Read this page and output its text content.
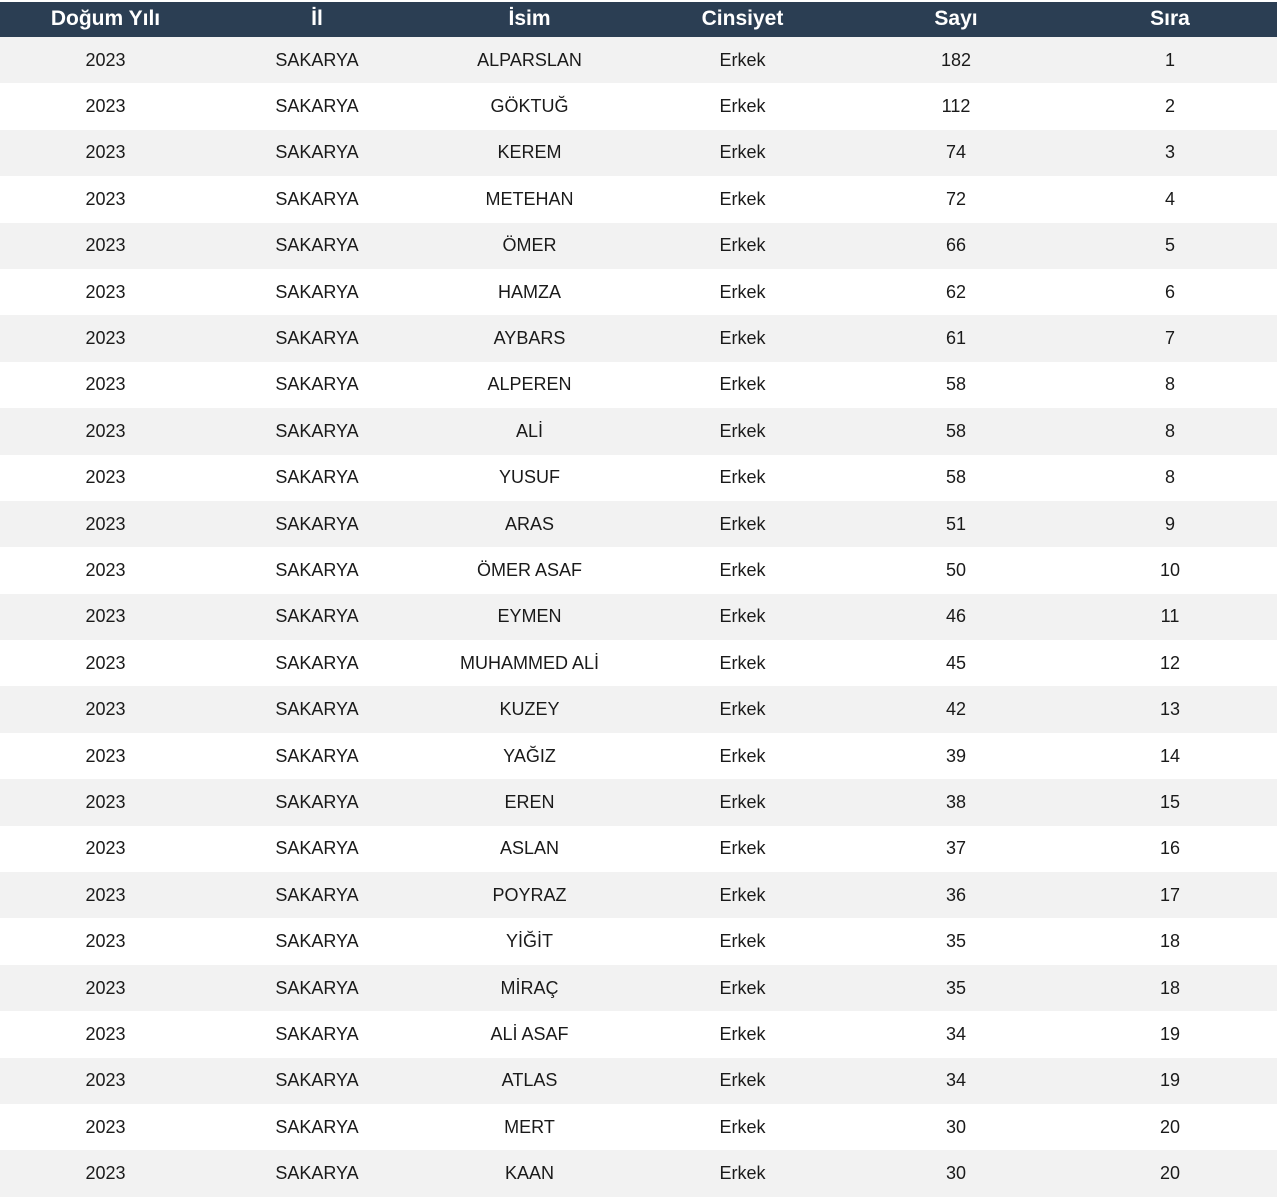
Doğum Yılı	İl	İsim	Cinsiyet	Sayı	Sıra
2023	SAKARYA	ALPARSLAN	Erkek	182	1
2023	SAKARYA	GÖKTUĞ	Erkek	112	2
2023	SAKARYA	KEREM	Erkek	74	3
2023	SAKARYA	METEHAN	Erkek	72	4
2023	SAKARYA	ÖMER	Erkek	66	5
2023	SAKARYA	HAMZA	Erkek	62	6
2023	SAKARYA	AYBARS	Erkek	61	7
2023	SAKARYA	ALPEREN	Erkek	58	8
2023	SAKARYA	ALİ	Erkek	58	8
2023	SAKARYA	YUSUF	Erkek	58	8
2023	SAKARYA	ARAS	Erkek	51	9
2023	SAKARYA	ÖMER ASAF	Erkek	50	10
2023	SAKARYA	EYMEN	Erkek	46	11
2023	SAKARYA	MUHAMMED ALİ	Erkek	45	12
2023	SAKARYA	KUZEY	Erkek	42	13
2023	SAKARYA	YAĞIZ	Erkek	39	14
2023	SAKARYA	EREN	Erkek	38	15
2023	SAKARYA	ASLAN	Erkek	37	16
2023	SAKARYA	POYRAZ	Erkek	36	17
2023	SAKARYA	YİĞİT	Erkek	35	18
2023	SAKARYA	MİRAÇ	Erkek	35	18
2023	SAKARYA	ALİ ASAF	Erkek	34	19
2023	SAKARYA	ATLAS	Erkek	34	19
2023	SAKARYA	MERT	Erkek	30	20
2023	SAKARYA	KAAN	Erkek	30	20
